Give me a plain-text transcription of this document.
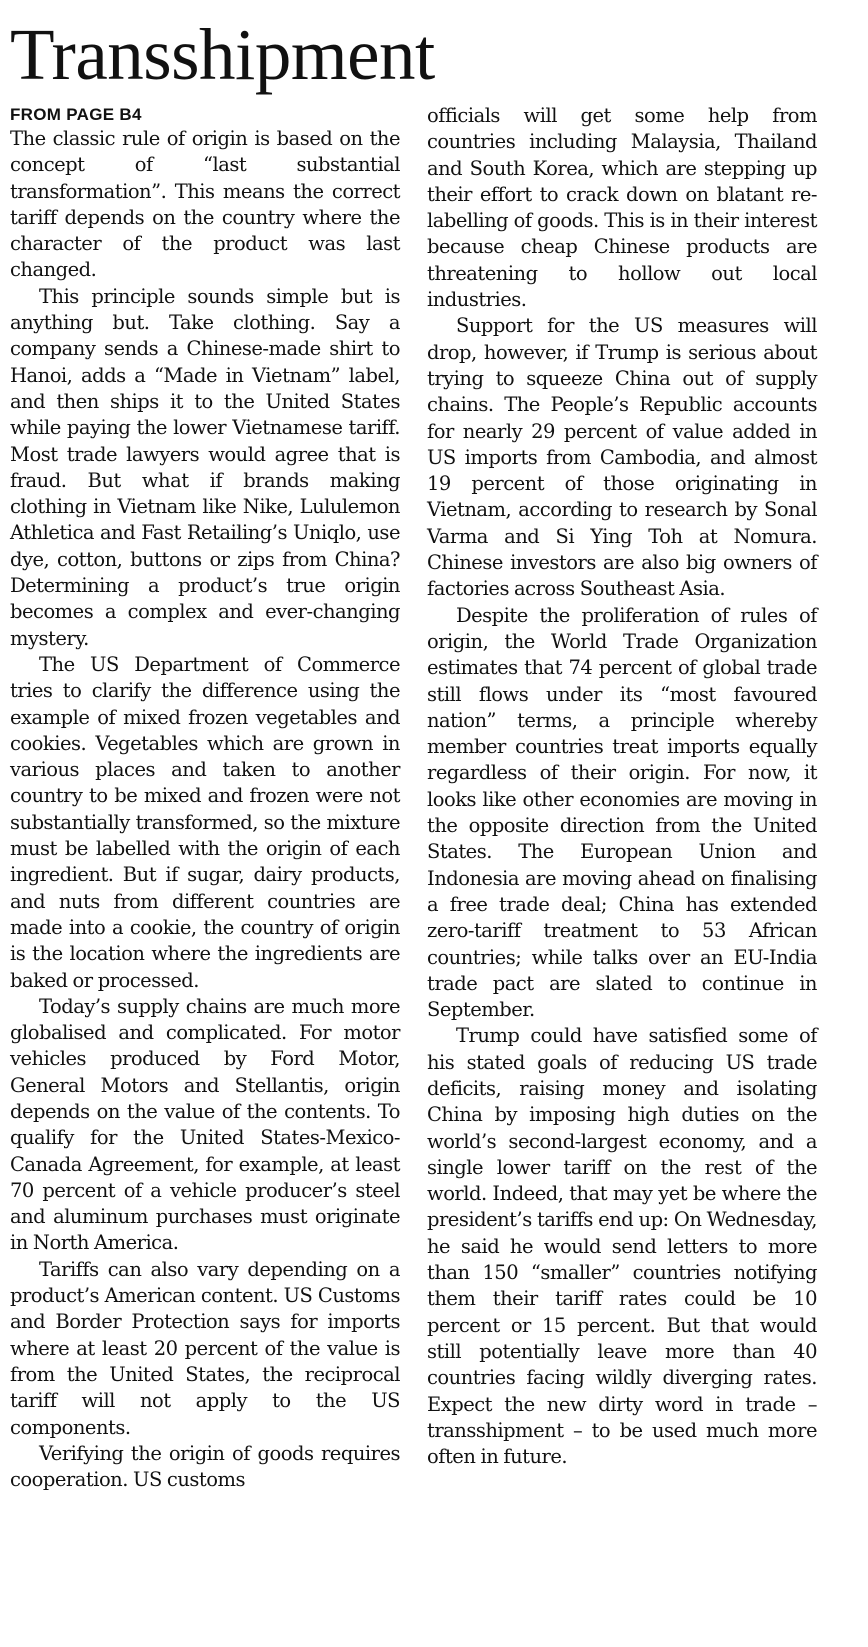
Transshipment

FROM PAGE B4

The classic rule of origin is based on the concept of “last substantial transformation”. This means the correct tariff depends on the country where the character of the product was last changed.

This principle sounds simple but is anything but. Take clothing. Say a company sends a Chinese-made shirt to Hanoi, adds a “Made in Vietnam” label, and then ships it to the United States while paying the lower Vietnamese tariff. Most trade lawyers would agree that is fraud. But what if brands making clothing in Vietnam like Nike, Lululemon Athletica and Fast Retailing’s Uniqlo, use dye, cotton, buttons or zips from China? Determining a product’s true origin becomes a complex and ever-changing mystery.

The US Department of Commerce tries to clarify the difference using the example of mixed frozen vegetables and cookies. Vegetables which are grown in various places and taken to another country to be mixed and frozen were not substantially transformed, so the mixture must be labelled with the origin of each ingredient. But if sugar, dairy products, and nuts from different countries are made into a cookie, the country of origin is the location where the ingredients are baked or processed.

Today’s supply chains are much more globalised and complicated. For motor vehicles produced by Ford Motor, General Motors and Stellantis, origin depends on the value of the contents. To qualify for the United States-Mexico-Canada Agreement, for example, at least 70 percent of a vehicle producer’s steel and aluminum purchases must originate in North America.

Tariffs can also vary depending on a product’s American content. US Customs and Border Protection says for imports where at least 20 percent of the value is from the United States, the reciprocal tariff will not apply to the US components.

Verifying the origin of goods requires cooperation. US customs

officials will get some help from countries including Malaysia, Thailand and South Korea, which are stepping up their effort to crack down on blatant re-labelling of goods. This is in their interest because cheap Chinese products are threatening to hollow out local industries.

Support for the US measures will drop, however, if Trump is serious about trying to squeeze China out of supply chains. The People’s Republic accounts for nearly 29 percent of value added in US imports from Cambodia, and almost 19 percent of those originating in Vietnam, according to research by Sonal Varma and Si Ying Toh at Nomura. Chinese investors are also big owners of factories across Southeast Asia.

Despite the proliferation of rules of origin, the World Trade Organization estimates that 74 percent of global trade still flows under its “most favoured nation” terms, a principle whereby member countries treat imports equally regardless of their origin. For now, it looks like other economies are moving in the opposite direction from the United States. The European Union and Indonesia are moving ahead on finalising a free trade deal; China has extended zero-tariff treatment to 53 African countries; while talks over an EU-India trade pact are slated to continue in September.

Trump could have satisfied some of his stated goals of reducing US trade deficits, raising money and isolating China by imposing high duties on the world’s second-largest economy, and a single lower tariff on the rest of the world. Indeed, that may yet be where the president’s tariffs end up: On Wednesday, he said he would send letters to more than 150 “smaller” countries notifying them their tariff rates could be 10 percent or 15 percent. But that would still potentially leave more than 40 countries facing wildly diverging rates. Expect the new dirty word in trade – transshipment – to be used much more often in future.
